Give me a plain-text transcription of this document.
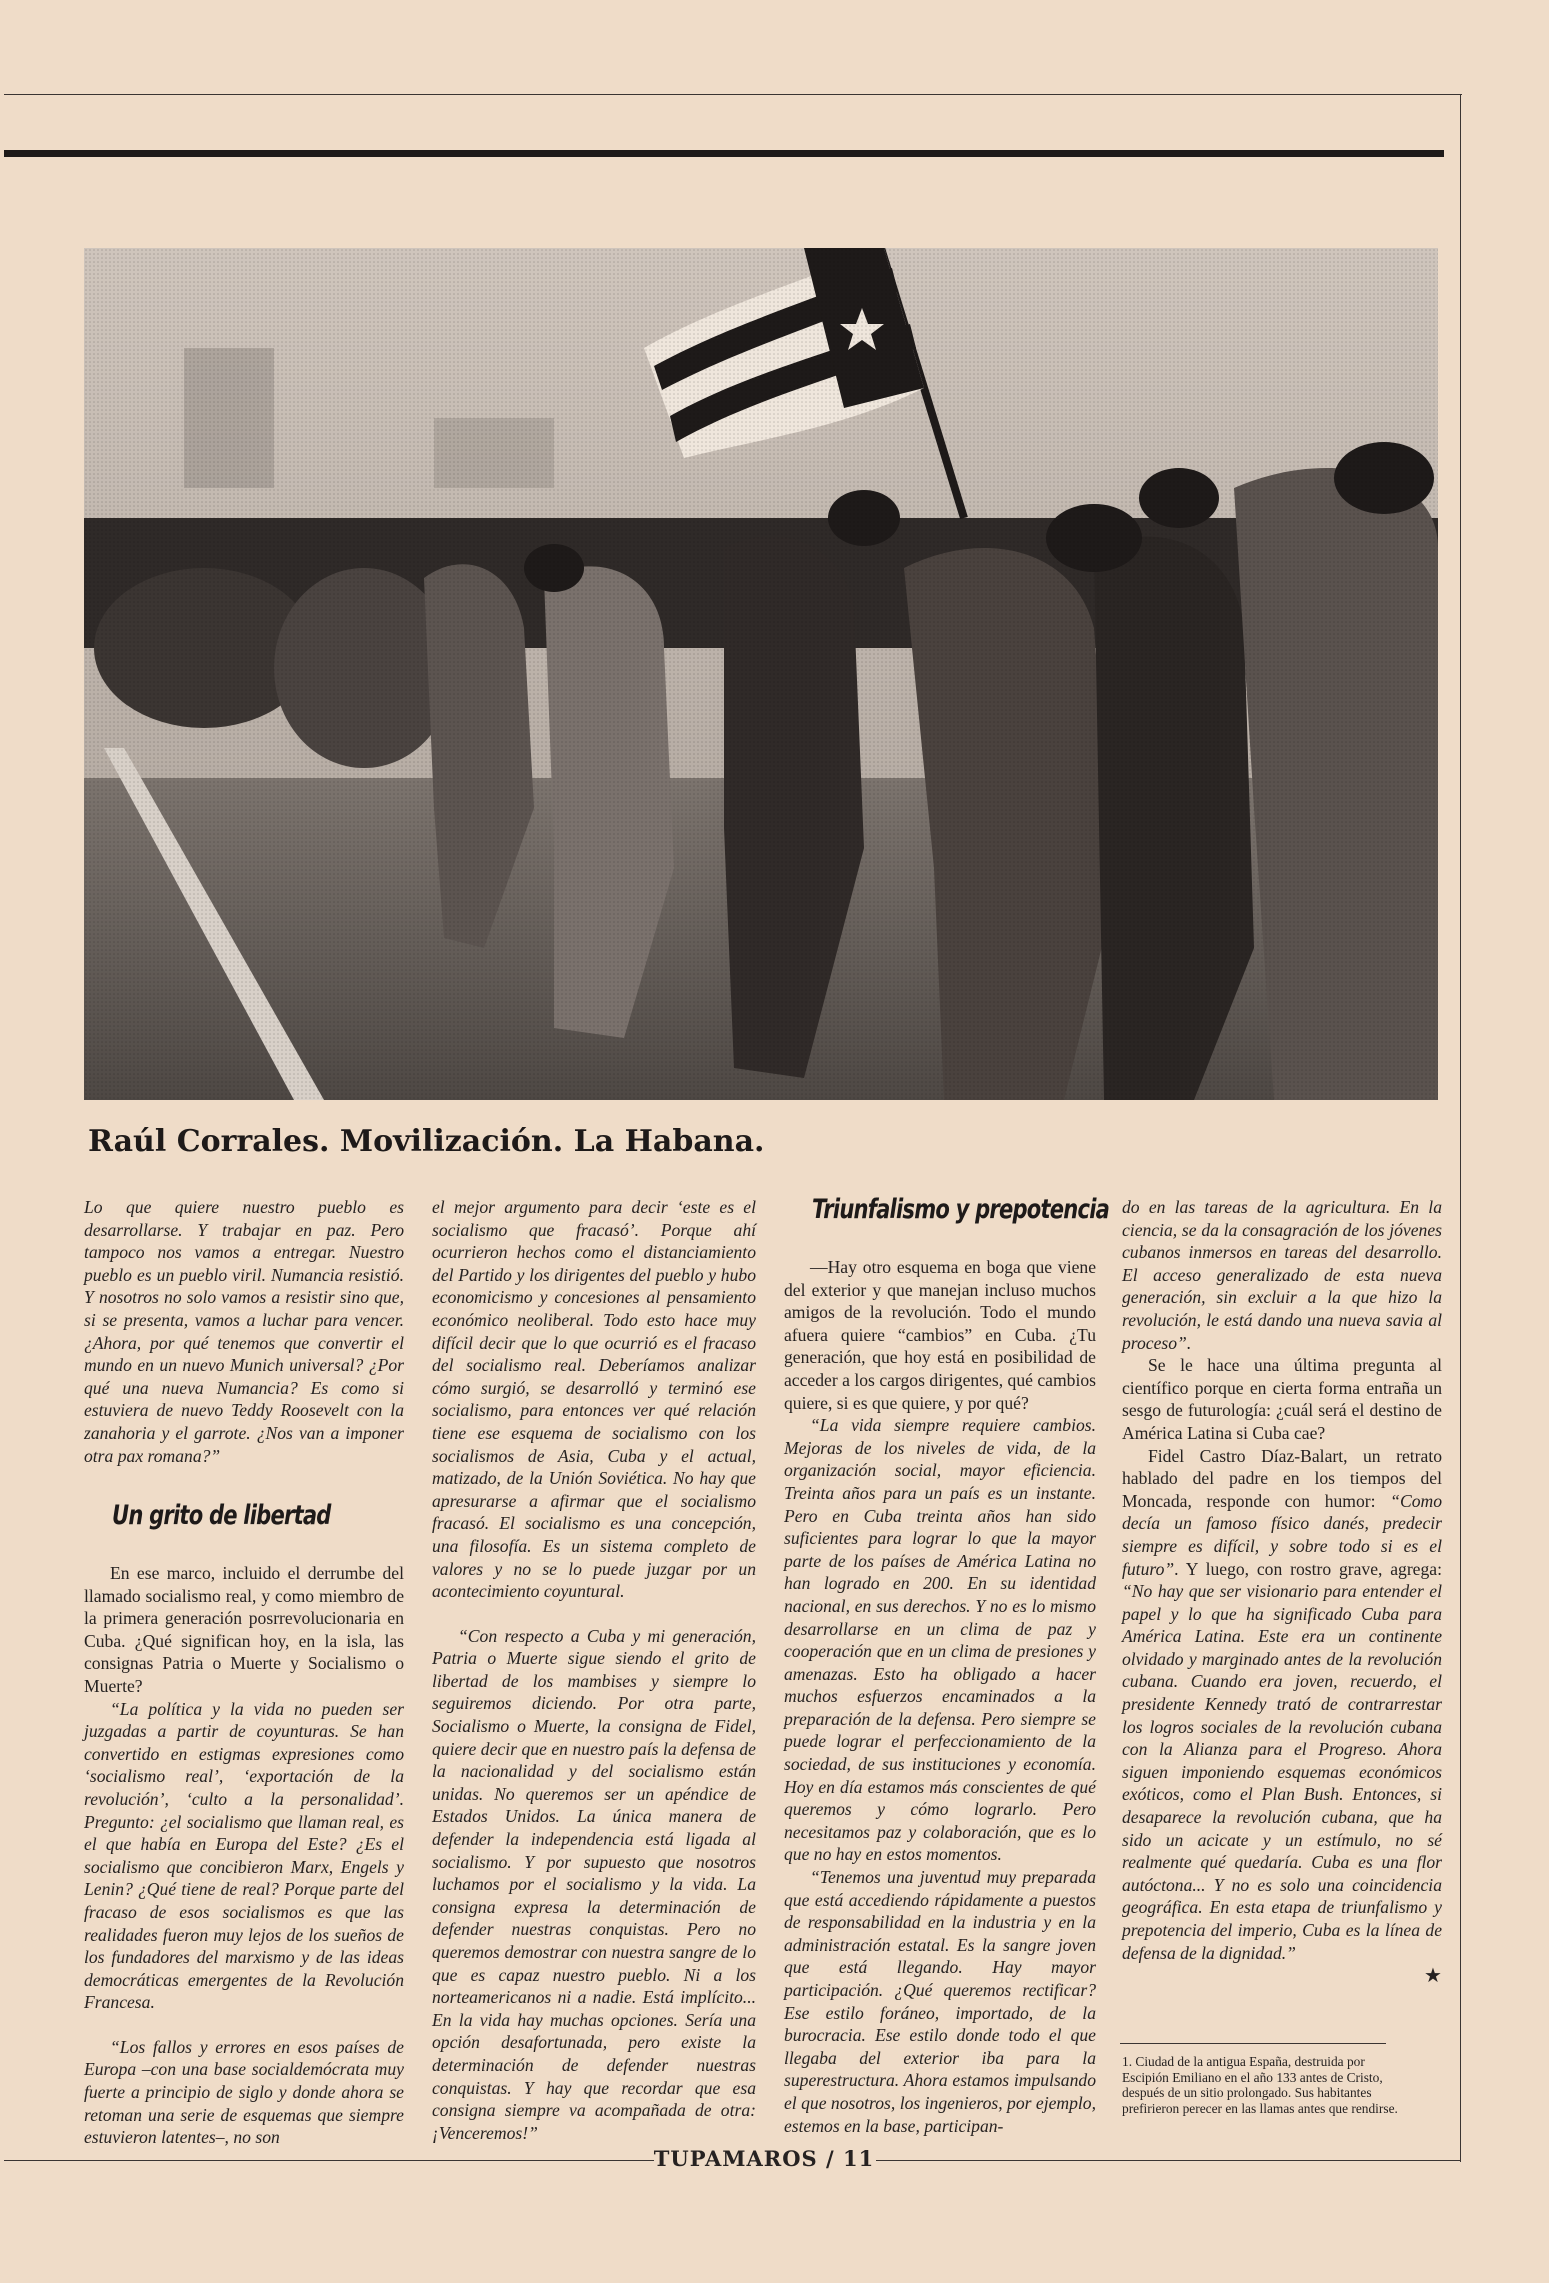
Raúl Corrales. Movilización. La Habana.

Lo que quiere nuestro pueblo es desarrollarse. Y trabajar en paz. Pero tampoco nos vamos a entregar. Nuestro pueblo es un pueblo viril. Numancia resistió. Y nosotros no solo vamos a resistir sino que, si se presenta, vamos a luchar para vencer. ¿Ahora, por qué tenemos que convertir el mundo en un nuevo Munich universal? ¿Por qué una nueva Numancia? Es como si estuviera de nuevo Teddy Roosevelt con la zanahoria y el garrote. ¿Nos van a imponer otra pax romana?”

Un grito de libertad

En ese marco, incluido el derrumbe del llamado socialismo real, y como miembro de la primera generación posrrevolucionaria en Cuba. ¿Qué significan hoy, en la isla, las consignas Patria o Muerte y Socialismo o Muerte?

“La política y la vida no pueden ser juzgadas a partir de coyunturas. Se han convertido en estigmas expresiones como ‘socialismo real’, ‘exportación de la revolución’, ‘culto a la personalidad’. Pregunto: ¿el socialismo que llaman real, es el que había en Europa del Este? ¿Es el socialismo que concibieron Marx, Engels y Lenin? ¿Qué tiene de real? Porque parte del fracaso de esos socialismos es que las realidades fueron muy lejos de los sueños de los fundadores del marxismo y de las ideas democráticas emergentes de la Revolución Francesa.

“Los fallos y errores en esos países de Europa –con una base socialdemócrata muy fuerte a principio de siglo y donde ahora se retoman una serie de esquemas que siempre estuvieron latentes–, no son

el mejor argumento para decir ‘este es el socialismo que fracasó’. Porque ahí ocurrieron hechos como el distanciamiento del Partido y los dirigentes del pueblo y hubo economicismo y concesiones al pensamiento económico neoliberal. Todo esto hace muy difícil decir que lo que ocurrió es el fracaso del socialismo real. Deberíamos analizar cómo surgió, se desarrolló y terminó ese socialismo, para entonces ver qué relación tiene ese esquema de socialismo con los socialismos de Asia, Cuba y el actual, matizado, de la Unión Soviética. No hay que apresurarse a afirmar que el socialismo fracasó. El socialismo es una concepción, una filosofía. Es un sistema completo de valores y no se lo puede juzgar por un acontecimiento coyuntural.

“Con respecto a Cuba y mi generación, Patria o Muerte sigue siendo el grito de libertad de los mambises y siempre lo seguiremos diciendo. Por otra parte, Socialismo o Muerte, la consigna de Fidel, quiere decir que en nuestro país la defensa de la nacionalidad y del socialismo están unidas. No queremos ser un apéndice de Estados Unidos. La única manera de defender la independencia está ligada al socialismo. Y por supuesto que nosotros luchamos por el socialismo y la vida. La consigna expresa la determinación de defender nuestras conquistas. Pero no queremos demostrar con nuestra sangre de lo que es capaz nuestro pueblo. Ni a los norteamericanos ni a nadie. Está implícito... En la vida hay muchas opciones. Sería una opción desafortunada, pero existe la determinación de defender nuestras conquistas. Y hay que recordar que esa consigna siempre va acompañada de otra: ¡Venceremos!”

Triunfalismo y prepotencia

—Hay otro esquema en boga que viene del exterior y que manejan incluso muchos amigos de la revolución. Todo el mundo afuera quiere “cambios” en Cuba. ¿Tu generación, que hoy está en posibilidad de acceder a los cargos dirigentes, qué cambios quiere, si es que quiere, y por qué?

“La vida siempre requiere cambios. Mejoras de los niveles de vida, de la organización social, mayor eficiencia. Treinta años para un país es un instante. Pero en Cuba treinta años han sido suficientes para lograr lo que la mayor parte de los países de América Latina no han logrado en 200. En su identidad nacional, en sus derechos. Y no es lo mismo desarrollarse en un clima de paz y cooperación que en un clima de presiones y amenazas. Esto ha obligado a hacer muchos esfuerzos encaminados a la preparación de la defensa. Pero siempre se puede lograr el perfeccionamiento de la sociedad, de sus instituciones y economía. Hoy en día estamos más conscientes de qué queremos y cómo lograrlo. Pero necesitamos paz y colaboración, que es lo que no hay en estos momentos.

“Tenemos una juventud muy preparada que está accediendo rápidamente a puestos de responsabilidad en la industria y en la administración estatal. Es la sangre joven que está llegando. Hay mayor participación. ¿Qué queremos rectificar? Ese estilo foráneo, importado, de la burocracia. Ese estilo donde todo el que llegaba del exterior iba para la superestructura. Ahora estamos impulsando el que nosotros, los ingenieros, por ejemplo, estemos en la base, participan-

do en las tareas de la agricultura. En la ciencia, se da la consagración de los jóvenes cubanos inmersos en tareas del desarrollo. El acceso generalizado de esta nueva generación, sin excluir a la que hizo la revolución, le está dando una nueva savia al proceso”.

Se le hace una última pregunta al científico porque en cierta forma entraña un sesgo de futurología: ¿cuál será el destino de América Latina si Cuba cae?

Fidel Castro Díaz-Balart, un retrato hablado del padre en los tiempos del Moncada, responde con humor: “Como decía un famoso físico danés, predecir siempre es difícil, y sobre todo si es el futuro”. Y luego, con rostro grave, agrega: “No hay que ser visionario para entender el papel y lo que ha significado Cuba para América Latina. Este era un continente olvidado y marginado antes de la revolución cubana. Cuando era joven, recuerdo, el presidente Kennedy trató de contrarrestar los logros sociales de la revolución cubana con la Alianza para el Progreso. Ahora siguen imponiendo esquemas económicos exóticos, como el Plan Bush. Entonces, si desaparece la revolución cubana, que ha sido un acicate y un estímulo, no sé realmente qué quedaría. Cuba es una flor autóctona... Y no es solo una coincidencia geográfica. En esta etapa de triunfalismo y prepotencia del imperio, Cuba es la línea de defensa de la dignidad.”

★
1. Ciudad de la antigua España, destruida por Escipión Emiliano en el año 133 antes de Cristo, después de un sitio prolongado. Sus habitantes prefirieron perecer en las llamas antes que rendirse.
TUPAMAROS / 11
